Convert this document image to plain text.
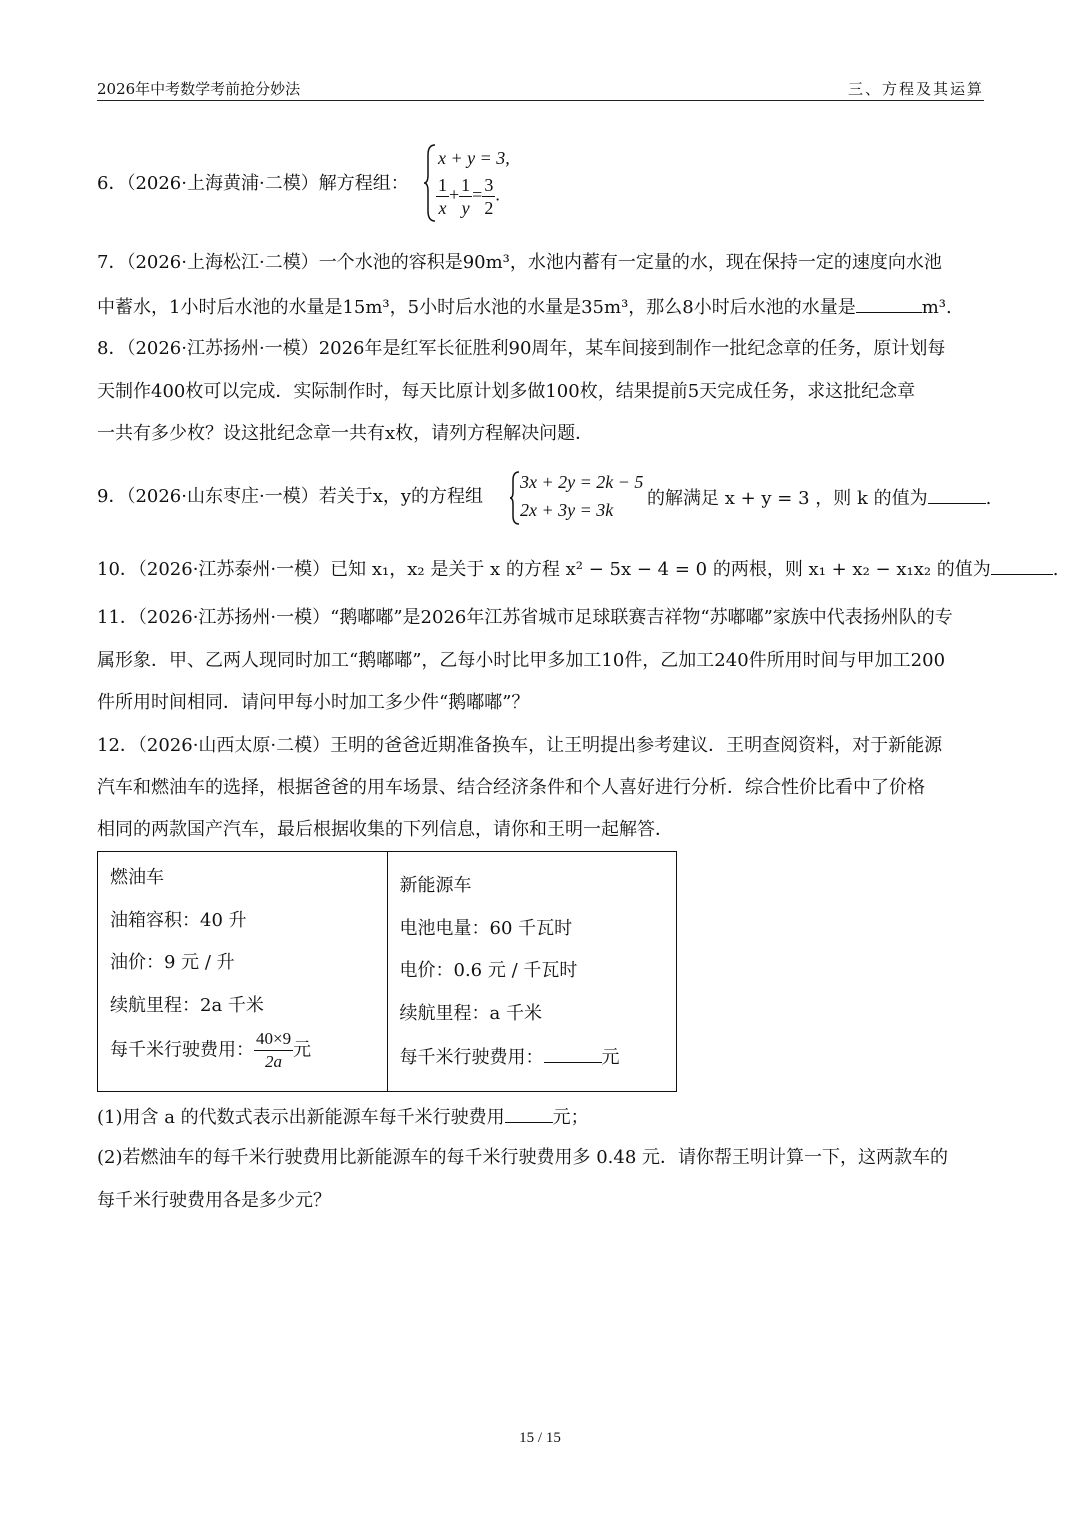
2026年中考数学考前抢分妙法	三、方程及其运算
6．（2026·上海黄浦·二模）解方程组：
x + y = 3,
$\frac{1}{x} + \frac{1}{y} = \frac{3}{2}$ .
7．（2026·上海松江·二模）一个水池的容积是90m³，水池内蓄有一定量的水，现在保持一定的速度向水池
中蓄水，1小时后水池的水量是15m³，5小时后水池的水量是35m³，那么8小时后水池的水量是	m³.
8．（2026·江苏扬州·一模）2026年是红军长征胜利90周年，某车间接到制作一批纪念章的任务，原计划每
天制作400枚可以完成．实际制作时，每天比原计划多做100枚，结果提前5天完成任务，求这批纪念章
一共有多少枚？设这批纪念章一共有x枚，请列方程解决问题．
9．（2026·山东枣庄·一模）若关于x，y的方程组
3x + 2y = 2k − 5
2x + 3y = 3k
的解满足 x + y = 3 ，则 k 的值为	.
10．（2026·江苏泰州·一模）已知 x₁，x₂ 是关于 x 的方程 x² − 5x − 4 = 0 的两根，则 x₁ + x₂ − x₁x₂ 的值为	.
11．（2026·江苏扬州·一模）“鹅嘟嘟”是2026年江苏省城市足球联赛吉祥物“苏嘟嘟”家族中代表扬州队的专
属形象．甲、乙两人现同时加工“鹅嘟嘟”，乙每小时比甲多加工10件，乙加工240件所用时间与甲加工200
件所用时间相同．请问甲每小时加工多少件“鹅嘟嘟”？
12．（2026·山西太原·二模）王明的爸爸近期准备换车，让王明提出参考建议．王明查阅资料，对于新能源
汽车和燃油车的选择，根据爸爸的用车场景、结合经济条件和个人喜好进行分析．综合性价比看中了价格
相同的两款国产汽车，最后根据收集的下列信息，请你和王明一起解答．
燃油车
油箱容积：40 升
油价：9 元 / 升
续航里程：2a 千米
每千米行驶费用： $\frac{40\times 9}{2a}$ 元

新能源车
电池电量：60 千瓦时
电价：0.6 元 / 千瓦时
续航里程：a 千米
每千米行驶费用：	元
(1)用含 a 的代数式表示出新能源车每千米行驶费用	元；
(2)若燃油车的每千米行驶费用比新能源车的每千米行驶费用多 0.48 元．请你帮王明计算一下，这两款车的
每千米行驶费用各是多少元？
15 / 15
